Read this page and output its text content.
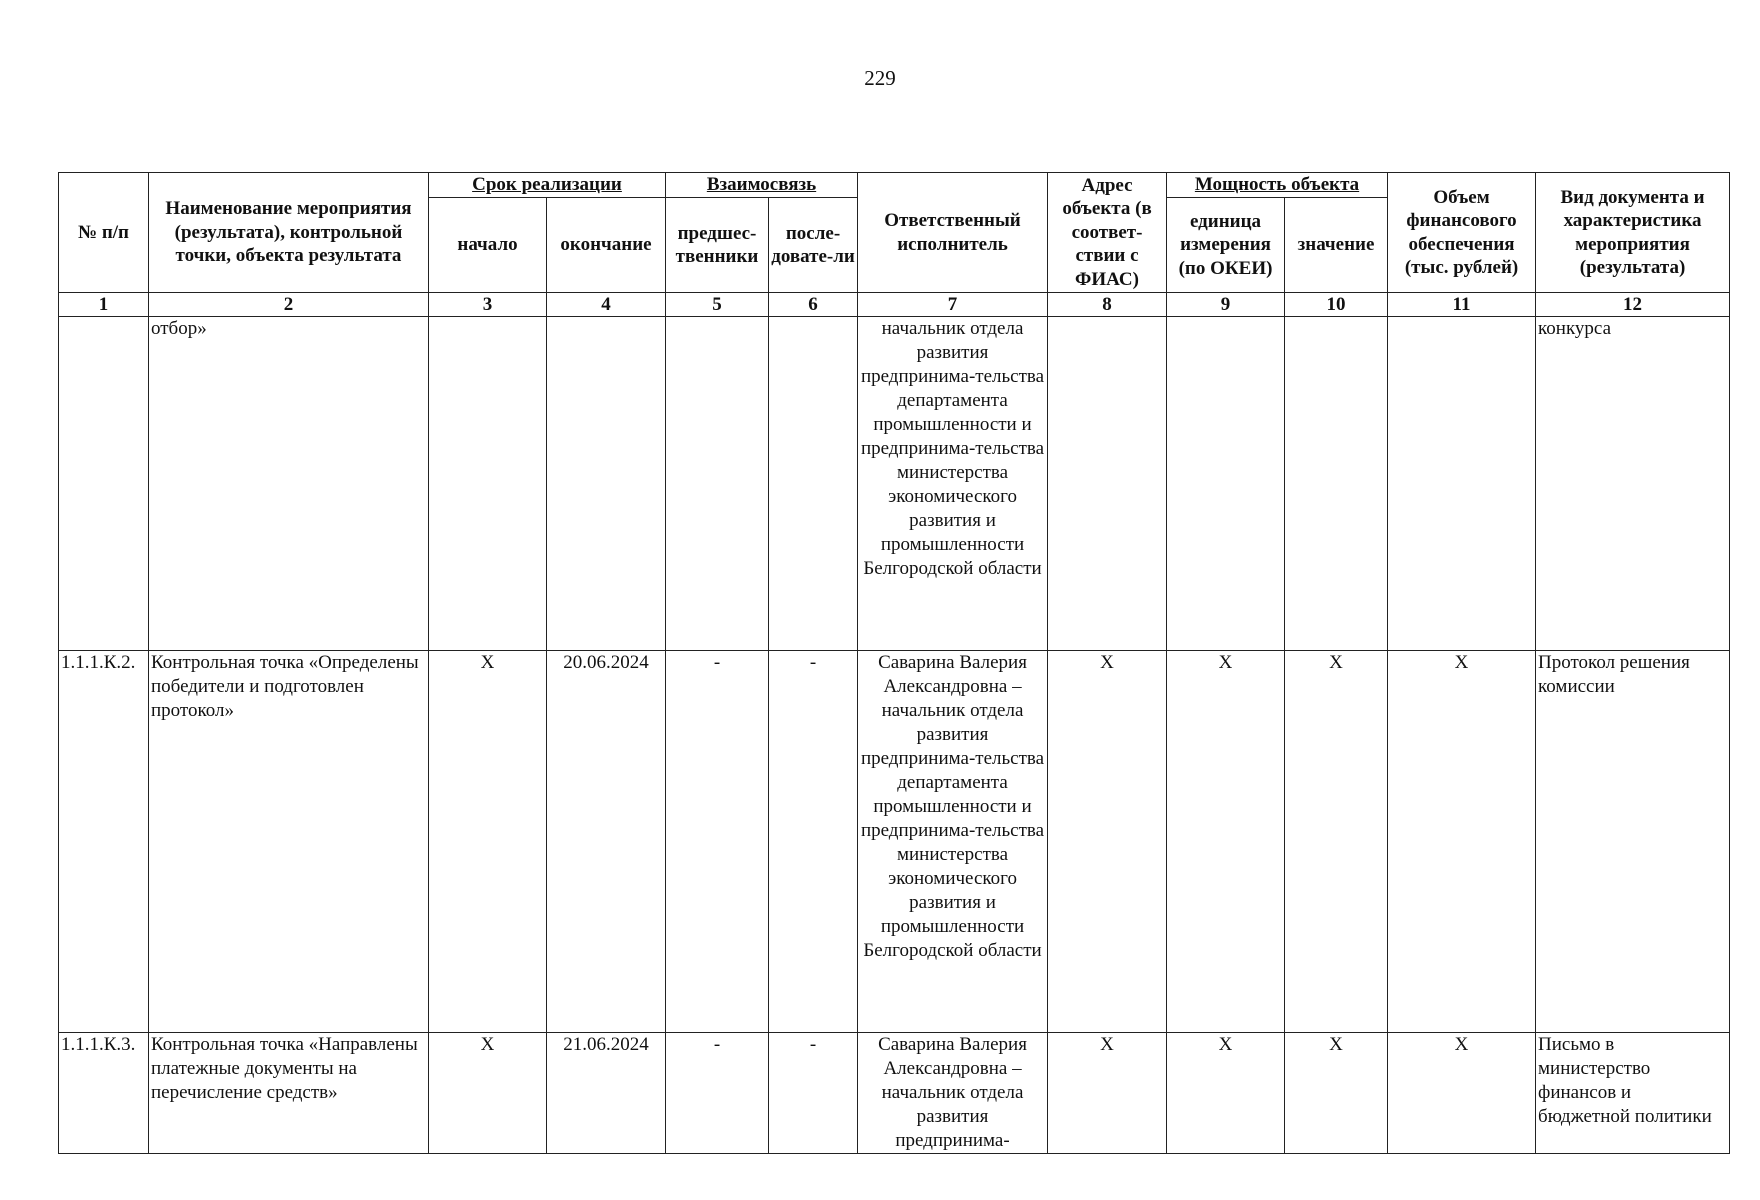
229
№ п/п	Наименование мероприятия (результата), контрольной точки, объекта результата	Срок реализации		Взаимосвязь		Ответственный исполнитель	Адрес объекта (в соответ-ствии с ФИАС)	Мощность объекта		Объем финансового обеспечения (тыс. рублей)	Вид документа и характеристика мероприятия (результата)
		начало	окончание	предшес-твенники	после-довате-ли			единица измерения (по ОКЕИ)	значение		
1	2	3	4	5	6	7	8	9	10	11	12
	отбор»					начальник отдела развития предпринима-тельства департамента промышленности и предпринима-тельства министерства экономического развития и промышленности Белгородской области					конкурса
1.1.1.К.2.	Контрольная точка «Определены победители и подготовлен протокол»	X	20.06.2024	-	-	Саварина Валерия Александровна – начальник отдела развития предпринима-тельства департамента промышленности и предпринима-тельства министерства экономического развития и промышленности Белгородской области	X	X	X	X	Протокол решения комиссии
1.1.1.К.3.	Контрольная точка «Направлены платежные документы на перечисление средств»	X	21.06.2024	-	-	Саварина Валерия Александровна – начальник отдела развития предпринима-	X	X	X	X	Письмо в министерство финансов и бюджетной политики
